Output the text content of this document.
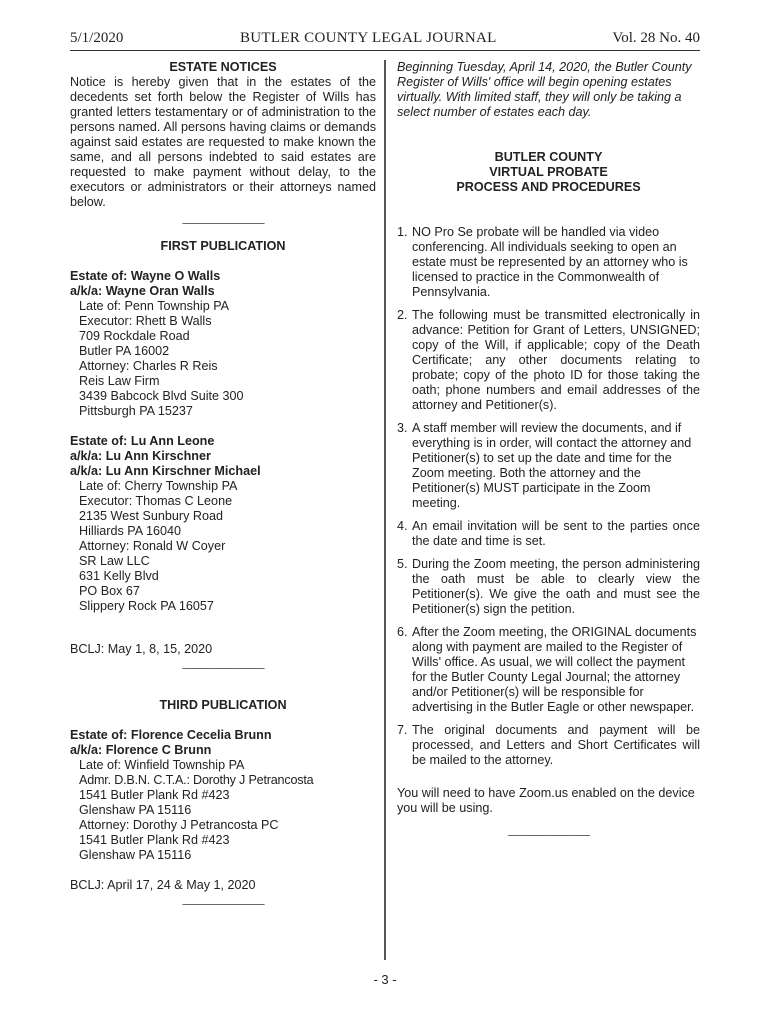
5/1/2020	BUTLER COUNTY LEGAL JOURNAL	Vol. 28 No. 40
ESTATE NOTICES
Notice is hereby given that in the estates of the decedents set forth below the Register of Wills has granted letters testamentary or of administration to the persons named. All persons having claims or demands against said estates are requested to make known the same, and all persons indebted to said estates are requested to make payment without delay, to the executors or administrators or their attorneys named below.
———————
FIRST PUBLICATION
Estate of: Wayne O Walls
a/k/a: Wayne Oran Walls
Late of: Penn Township PA
Executor: Rhett B Walls
709 Rockdale Road
Butler PA 16002
Attorney: Charles R Reis
Reis Law Firm
3439 Babcock Blvd Suite 300
Pittsburgh PA 15237
Estate of: Lu Ann Leone
a/k/a: Lu Ann Kirschner
a/k/a: Lu Ann Kirschner Michael
Late of: Cherry Township PA
Executor: Thomas C Leone
2135 West Sunbury Road
Hilliards PA 16040
Attorney: Ronald W Coyer
SR Law LLC
631 Kelly Blvd
PO Box 67
Slippery Rock PA 16057
BCLJ: May 1, 8, 15, 2020
———————
THIRD PUBLICATION
Estate of: Florence Cecelia Brunn
a/k/a: Florence C Brunn
Late of: Winfield Township PA
Admr. D.B.N. C.T.A.: Dorothy J Petrancosta
1541 Butler Plank Rd #423
Glenshaw PA 15116
Attorney: Dorothy J Petrancosta PC
1541 Butler Plank Rd #423
Glenshaw PA 15116
BCLJ: April 17, 24 & May 1, 2020
———————
Beginning Tuesday, April 14, 2020, the Butler County Register of Wills' office will begin opening estates virtually. With limited staff, they will only be taking a select number of estates each day.
BUTLER COUNTY
VIRTUAL PROBATE
PROCESS AND PROCEDURES
1. NO Pro Se probate will be handled via video conferencing. All individuals seeking to open an estate must be represented by an attorney who is licensed to practice in the Commonwealth of Pennsylvania.
2. The following must be transmitted electronically in advance: Petition for Grant of Letters, UNSIGNED; copy of the Will, if applicable; copy of the Death Certificate; any other documents relating to probate; copy of the photo ID for those taking the oath; phone numbers and email addresses of the attorney and Petitioner(s).
3. A staff member will review the documents, and if everything is in order, will contact the attorney and Petitioner(s) to set up the date and time for the Zoom meeting. Both the attorney and the Petitioner(s) MUST participate in the Zoom meeting.
4. An email invitation will be sent to the parties once the date and time is set.
5. During the Zoom meeting, the person administering the oath must be able to clearly view the Petitioner(s). We give the oath and must see the Petitioner(s) sign the petition.
6. After the Zoom meeting, the ORIGINAL documents along with payment are mailed to the Register of Wills' office. As usual, we will collect the payment for the Butler County Legal Journal; the attorney and/or Petitioner(s) will be responsible for advertising in the Butler Eagle or other newspaper.
7. The original documents and payment will be processed, and Letters and Short Certificates will be mailed to the attorney.
You will need to have Zoom.us enabled on the device you will be using.
———————
- 3 -
